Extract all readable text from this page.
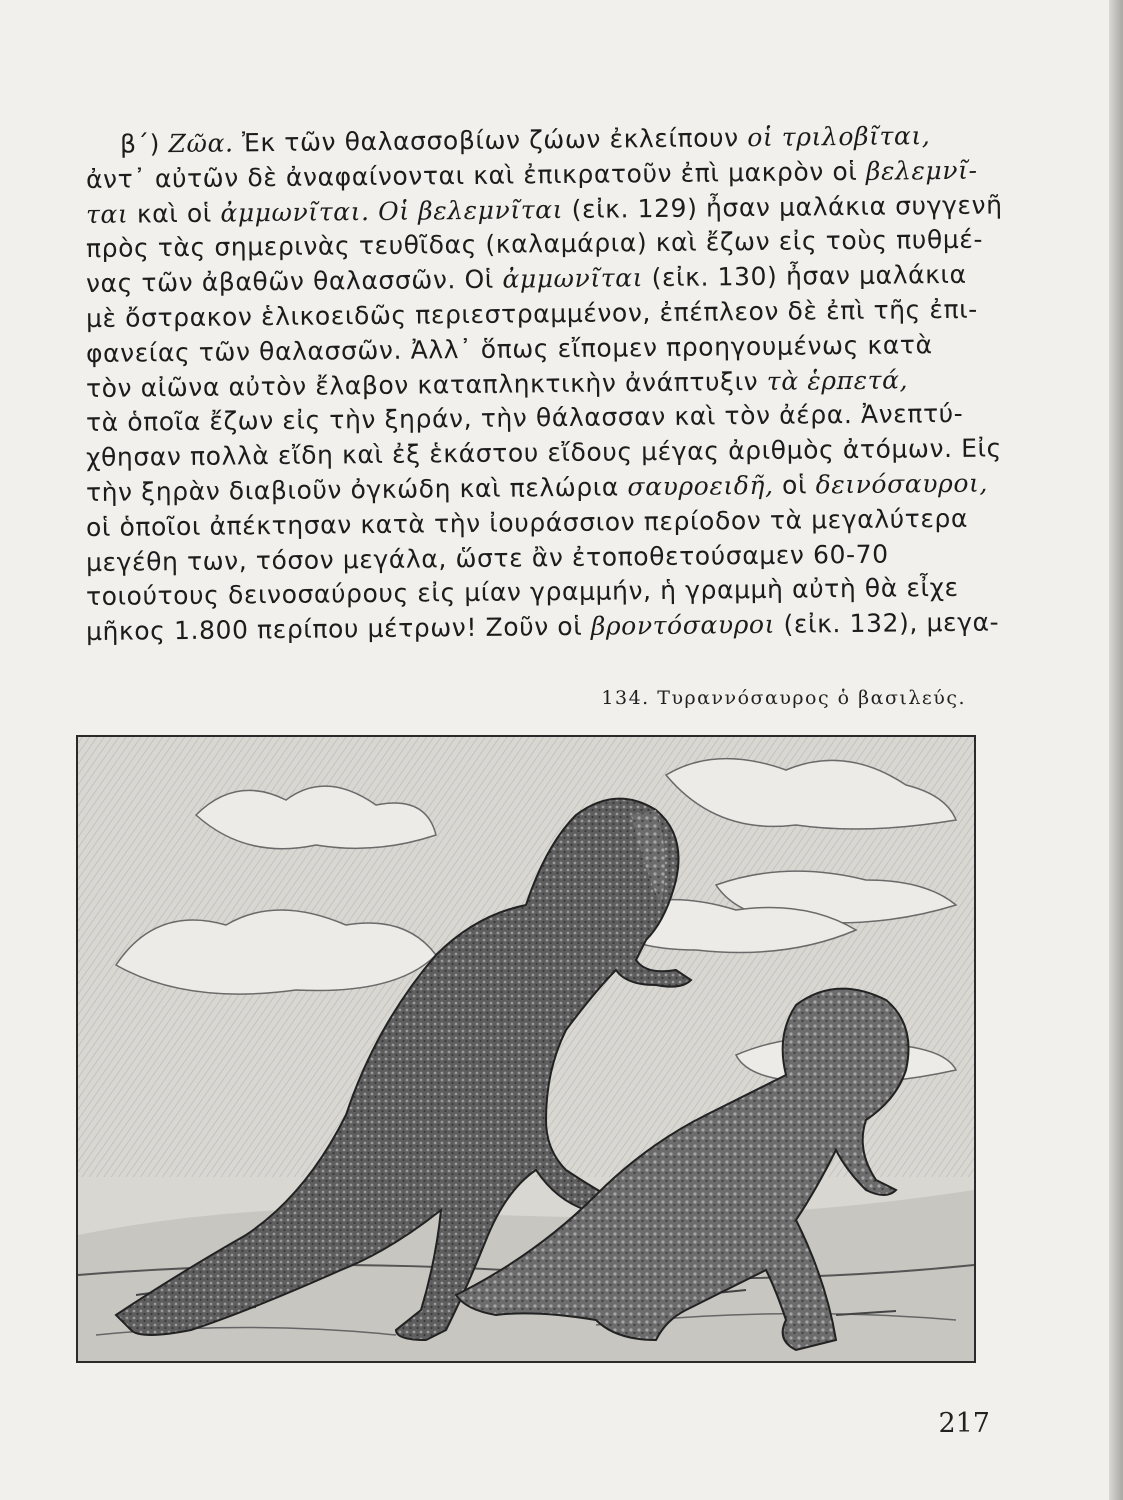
β΄) Ζῶα. Ἐκ τῶν θαλασσοβίων ζώων ἐκλείπουν οἱ τριλοβῖται,
ἀντ᾿ αὐτῶν δὲ ἀναφαίνονται καὶ ἐπικρατοῦν ἐπὶ μακρὸν οἱ βελεμνῖ-
ται καὶ οἱ ἀμμωνῖται. Οἱ βελεμνῖται (εἰκ. 129) ἦσαν μαλάκια συγγενῆ
πρὸς τὰς σημερινὰς τευθῖδας (καλαμάρια) καὶ ἔζων εἰς τοὺς πυθμέ-
νας τῶν ἀβαθῶν θαλασσῶν. Οἱ ἀμμωνῖται (εἰκ. 130) ἦσαν μαλάκια
μὲ ὄστρακον ἑλικοειδῶς περιεστραμμένον, ἐπέπλεον δὲ ἐπὶ τῆς ἐπι-
φανείας τῶν θαλασσῶν. Ἀλλ᾿ ὅπως εἴπομεν προηγουμένως κατὰ
τὸν αἰῶνα αὐτὸν ἔλαβον καταπληκτικὴν ἀνάπτυξιν τὰ ἑρπετά,
τὰ ὁποῖα ἔζων εἰς τὴν ξηράν, τὴν θάλασσαν καὶ τὸν ἀέρα. Ἀνεπτύ-
χθησαν πολλὰ εἴδη καὶ ἐξ ἑκάστου εἴδους μέγας ἀριθμὸς ἀτόμων. Εἰς
τὴν ξηρὰν διαβιοῦν ὀγκώδη καὶ πελώρια σαυροειδῆ, οἱ δεινόσαυροι,
οἱ ὁποῖοι ἀπέκτησαν κατὰ τὴν ἰουράσσιον περίοδον τὰ μεγαλύτερα
μεγέθη των, τόσον μεγάλα, ὥστε ἂν ἐτοποθετούσαμεν 60-70
τοιούτους δεινοσαύρους εἰς μίαν γραμμήν, ἡ γραμμὴ αὐτὴ θὰ εἶχε
μῆκος 1.800 περίπου μέτρων! Ζοῦν οἱ βροντόσαυροι (εἰκ. 132), μεγα-
134. Τυραννόσαυρος ὁ βασιλεύς.
217
